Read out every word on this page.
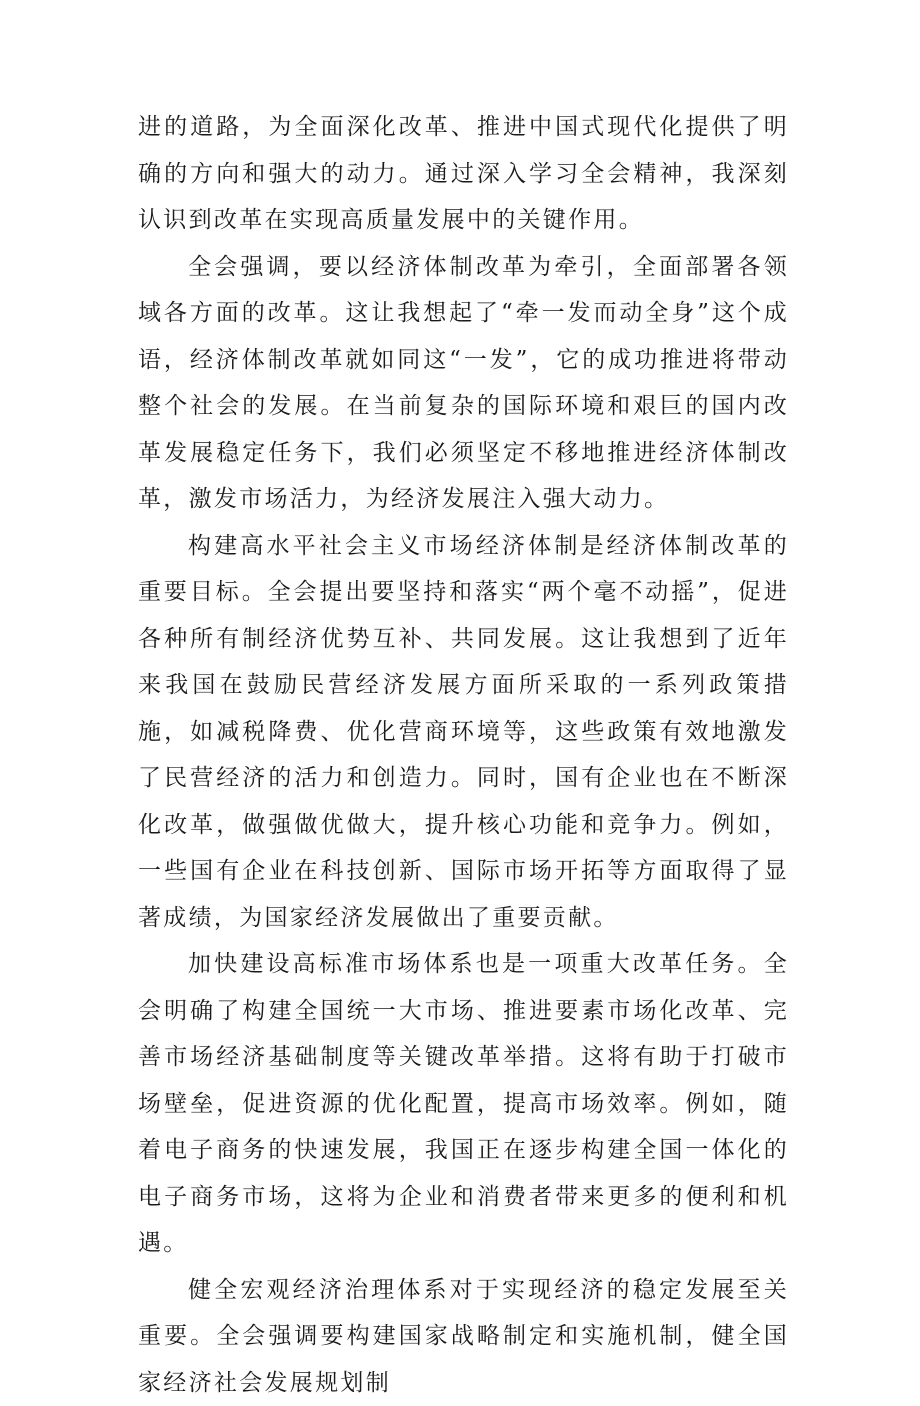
进的道路，为全面深化改革、推进中国式现代化提供了明确的方向和强大的动力。通过深入学习全会精神，我深刻认识到改革在实现高质量发展中的关键作用。

全会强调，要以经济体制改革为牵引，全面部署各领域各方面的改革。这让我想起了“牵一发而动全身”这个成语，经济体制改革就如同这“一发”，它的成功推进将带动整个社会的发展。在当前复杂的国际环境和艰巨的国内改革发展稳定任务下，我们必须坚定不移地推进经济体制改革，激发市场活力，为经济发展注入强大动力。

构建高水平社会主义市场经济体制是经济体制改革的重要目标。全会提出要坚持和落实“两个毫不动摇”，促进各种所有制经济优势互补、共同发展。这让我想到了近年来我国在鼓励民营经济发展方面所采取的一系列政策措施，如减税降费、优化营商环境等，这些政策有效地激发了民营经济的活力和创造力。同时，国有企业也在不断深化改革，做强做优做大，提升核心功能和竞争力。例如，一些国有企业在科技创新、国际市场开拓等方面取得了显著成绩，为国家经济发展做出了重要贡献。

加快建设高标准市场体系也是一项重大改革任务。全会明确了构建全国统一大市场、推进要素市场化改革、完善市场经济基础制度等关键改革举措。这将有助于打破市场壁垒，促进资源的优化配置，提高市场效率。例如，随着电子商务的快速发展，我国正在逐步构建全国一体化的电子商务市场，这将为企业和消费者带来更多的便利和机遇。

健全宏观经济治理体系对于实现经济的稳定发展至关重要。全会强调要构建国家战略制定和实施机制，健全国家经济社会发展规划制
